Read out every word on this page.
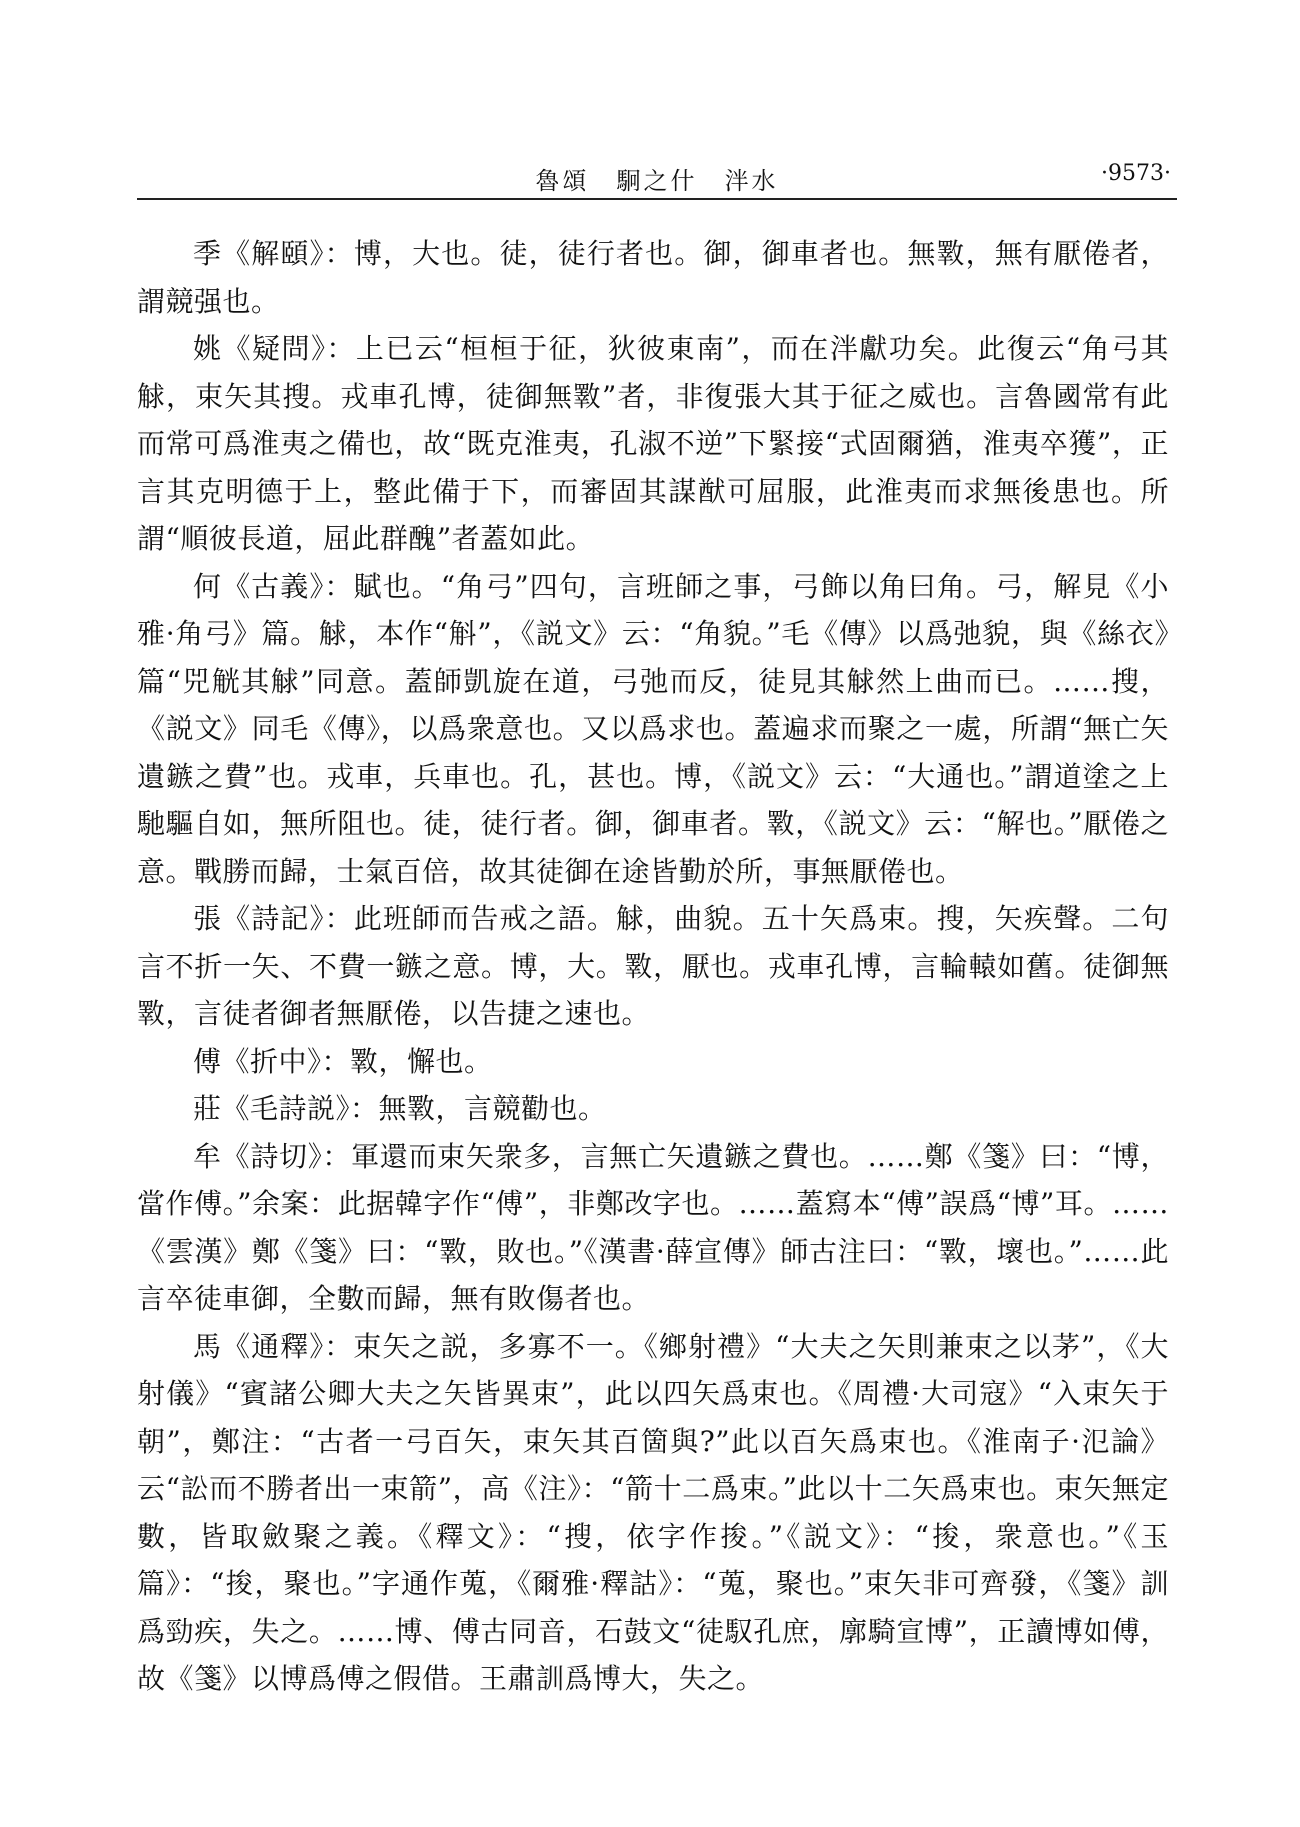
魯頌　駉之什　泮水	·9573·

季《解頤》：博，大也。徒，徒行者也。御，御車者也。無斁，無有厭倦者，謂競强也。

姚《疑問》：上已云“桓桓于征，狄彼東南”，而在泮獻功矣。此復云“角弓其觩，束矢其搜。戎車孔博，徒御無斁”者，非復張大其于征之威也。言魯國常有此而常可爲淮夷之備也，故“既克淮夷，孔淑不逆”下緊接“式固爾猶，淮夷卒獲”，正言其克明德于上，整此備于下，而審固其謀猷可屈服，此淮夷而求無後患也。所謂“順彼長道，屈此群醜”者蓋如此。

何《古義》：賦也。“角弓”四句，言班師之事，弓飾以角曰角。弓，解見《小雅·角弓》篇。觩，本作“斛”，《説文》云：“角貌。”毛《傳》以爲弛貌，與《絲衣》篇“兕觥其觩”同意。蓋師凱旋在道，弓弛而反，徒見其觩然上曲而已。……搜，《説文》同毛《傳》，以爲衆意也。又以爲求也。蓋遍求而聚之一處，所謂“無亡矢遺鏃之費”也。戎車，兵車也。孔，甚也。博，《説文》云：“大通也。”謂道塗之上馳驅自如，無所阻也。徒，徒行者。御，御車者。斁，《説文》云：“解也。”厭倦之意。戰勝而歸，士氣百倍，故其徒御在途皆勤於所，事無厭倦也。

張《詩記》：此班師而告戒之語。觩，曲貌。五十矢爲束。搜，矢疾聲。二句言不折一矢、不費一鏃之意。博，大。斁，厭也。戎車孔博，言輪轅如舊。徒御無斁，言徒者御者無厭倦，以告捷之速也。

傅《折中》：斁，懈也。

莊《毛詩説》：無斁，言競勸也。

牟《詩切》：軍還而束矢衆多，言無亡矢遺鏃之費也。……鄭《箋》曰：“博，當作傅。”余案：此据韓字作“傅”，非鄭改字也。……蓋寫本“傅”誤爲“博”耳。……《雲漢》鄭《箋》曰：“斁，敗也。”《漢書·薛宣傳》師古注曰：“斁，壞也。”……此言卒徒車御，全數而歸，無有敗傷者也。

馬《通釋》：束矢之説，多寡不一。《鄉射禮》“大夫之矢則兼束之以茅”，《大射儀》“賓諸公卿大夫之矢皆異束”，此以四矢爲束也。《周禮·大司寇》“入束矢于朝”，鄭注：“古者一弓百矢，束矢其百箇與?”此以百矢爲束也。《淮南子·氾論》云“訟而不勝者出一束箭”，高《注》：“箭十二爲束。”此以十二矢爲束也。束矢無定數，皆取斂聚之義。《釋文》：“搜，依字作捘。”《説文》：“捘，衆意也。”《玉篇》：“捘，聚也。”字通作蒐，《爾雅·釋詁》：“蒐，聚也。”束矢非可齊發，《箋》訓爲勁疾，失之。……博、傅古同音，石鼓文“徒馭孔庶，廓騎宣博”，正讀博如傅，故《箋》以博爲傅之假借。王肅訓爲博大，失之。
